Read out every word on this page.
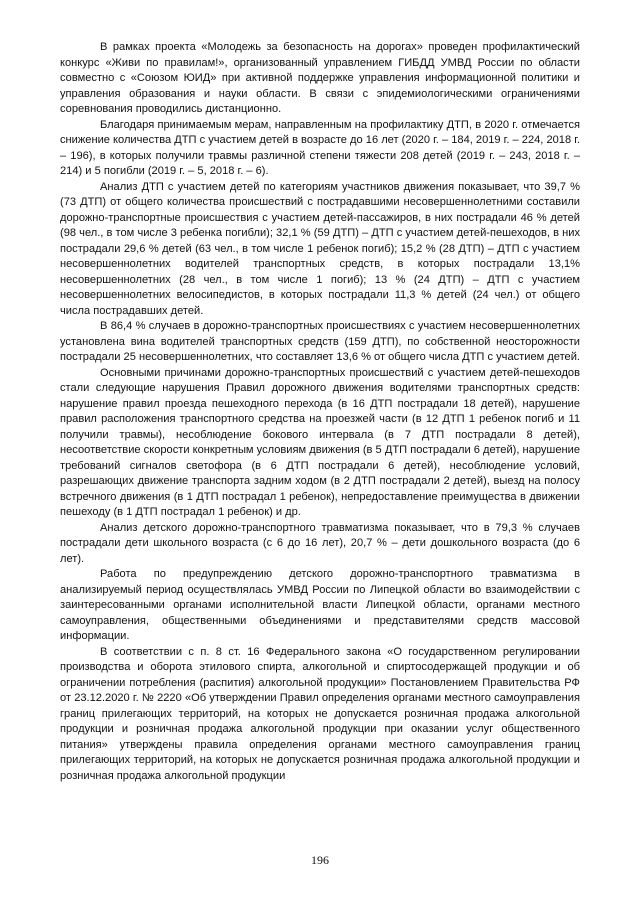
В рамках проекта «Молодежь за безопасность на дорогах» проведен профилактический конкурс «Живи по правилам!», организованный управлением ГИБДД УМВД России по области совместно с «Союзом ЮИД» при активной поддержке управления информационной политики и управления образования и науки области. В связи с эпидемиологическими ограничениями соревнования проводились дистанционно.

Благодаря принимаемым мерам, направленным на профилактику ДТП, в 2020 г. отмечается снижение количества ДТП с участием детей в возрасте до 16 лет (2020 г. – 184, 2019 г. – 224, 2018 г. – 196), в которых получили травмы различной степени тяжести 208 детей (2019 г. – 243, 2018 г. – 214) и 5 погибли (2019 г. – 5, 2018 г. – 6).

Анализ ДТП с участием детей по категориям участников движения показывает, что 39,7 % (73 ДТП) от общего количества происшествий с пострадавшими несовершеннолетними составили дорожно-транспортные происшествия с участием детей-пассажиров, в них пострадали 46 % детей (98 чел., в том числе 3 ребенка погибли); 32,1 % (59 ДТП) – ДТП с участием детей-пешеходов, в них пострадали 29,6 % детей (63 чел., в том числе 1 ребенок погиб); 15,2 % (28 ДТП) – ДТП с участием несовершеннолетних водителей транспортных средств, в которых пострадали 13,1% несовершеннолетних (28 чел., в том числе 1 погиб); 13 % (24 ДТП) – ДТП с участием несовершеннолетних велосипедистов, в которых пострадали 11,3 % детей (24 чел.) от общего числа пострадавших детей.

В 86,4 % случаев в дорожно-транспортных происшествиях с участием несовершеннолетних установлена вина водителей транспортных средств (159 ДТП), по собственной неосторожности пострадали 25 несовершеннолетних, что составляет 13,6 % от общего числа ДТП с участием детей.

Основными причинами дорожно-транспортных происшествий с участием детей-пешеходов стали следующие нарушения Правил дорожного движения водителями транспортных средств: нарушение правил проезда пешеходного перехода (в 16 ДТП пострадали 18 детей), нарушение правил расположения транспортного средства на проезжей части (в 12 ДТП 1 ребенок погиб и 11 получили травмы), несоблюдение бокового интервала (в 7 ДТП пострадали 8 детей), несоответствие скорости конкретным условиям движения (в 5 ДТП пострадали 6 детей), нарушение требований сигналов светофора (в 6 ДТП пострадали 6 детей), несоблюдение условий, разрешающих движение транспорта задним ходом (в 2 ДТП пострадали 2 детей), выезд на полосу встречного движения (в 1 ДТП пострадал 1 ребенок), непредоставление преимущества в движении пешеходу (в 1 ДТП пострадал 1 ребенок) и др.

Анализ детского дорожно-транспортного травматизма показывает, что в 79,3 % случаев пострадали дети школьного возраста (с 6 до 16 лет), 20,7 % – дети дошкольного возраста (до 6 лет).

Работа по предупреждению детского дорожно-транспортного травматизма в анализируемый период осуществлялась УМВД России по Липецкой области во взаимодействии с заинтересованными органами исполнительной власти Липецкой области, органами местного самоуправления, общественными объединениями и представителями средств массовой информации.

В соответствии с п. 8 ст. 16 Федерального закона «О государственном регулировании производства и оборота этилового спирта, алкогольной и спиртосодержащей продукции и об ограничении потребления (распития) алкогольной продукции» Постановлением Правительства РФ от 23.12.2020 г. № 2220 «Об утверждении Правил определения органами местного самоуправления границ прилегающих территорий, на которых не допускается розничная продажа алкогольной продукции и розничная продажа алкогольной продукции при оказании услуг общественного питания» утверждены правила определения органами местного самоуправления границ прилегающих территорий, на которых не допускается розничная продажа алкогольной продукции и розничная продажа алкогольной продукции

196
